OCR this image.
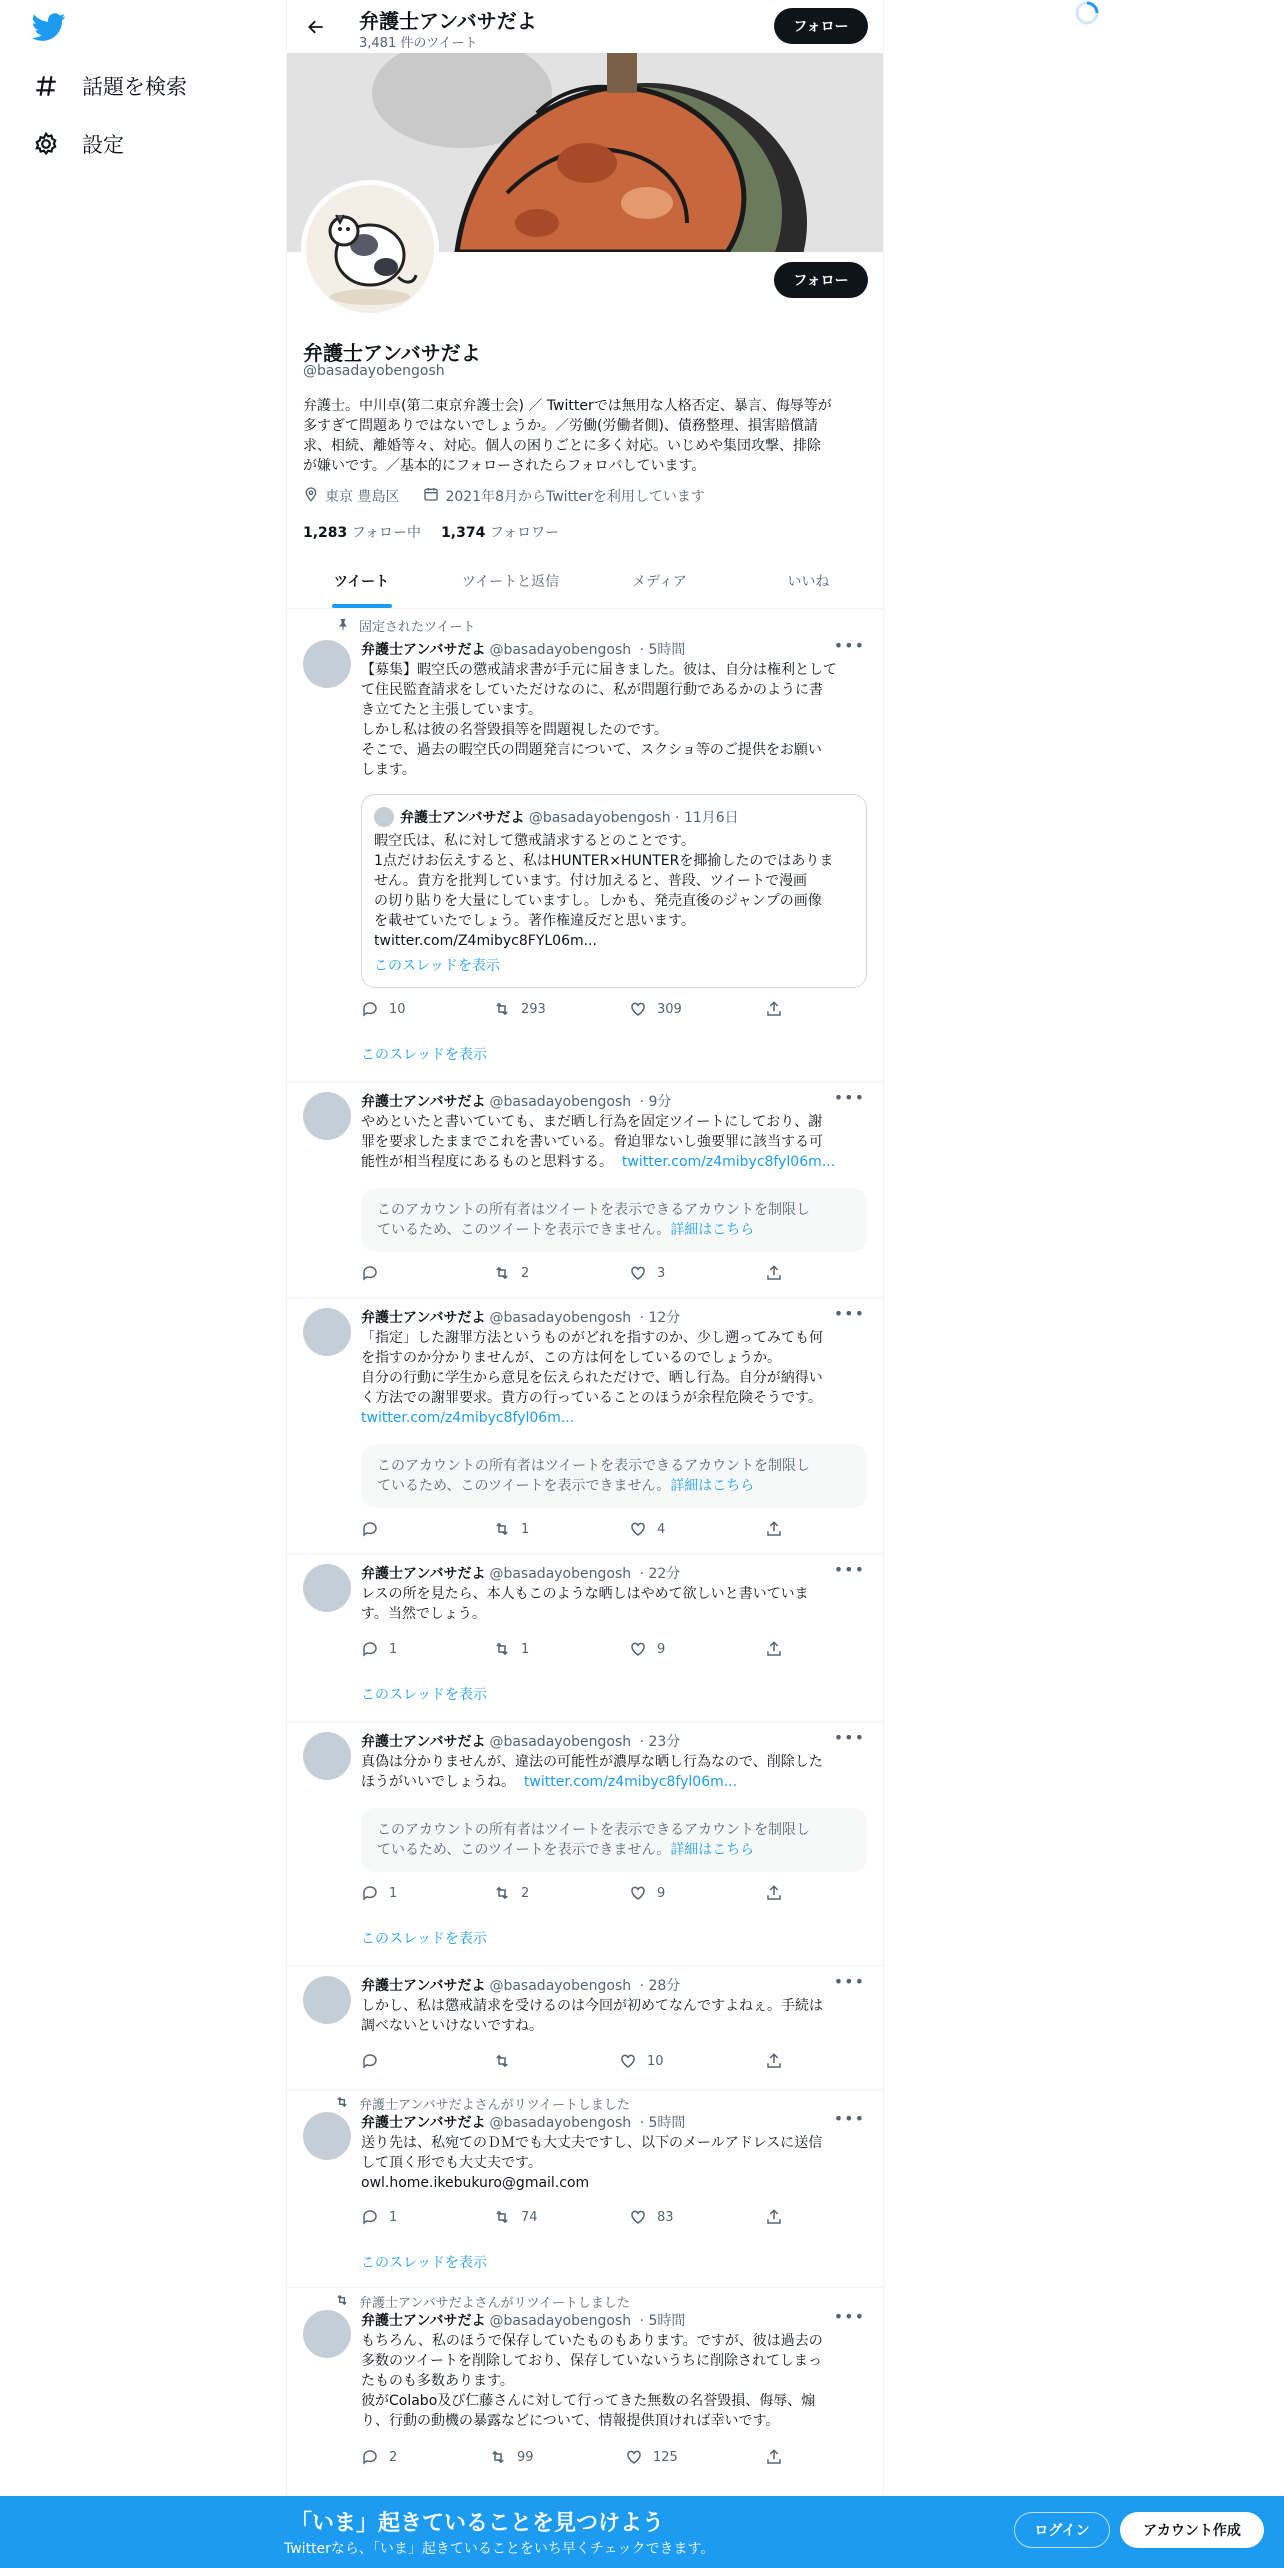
話題を検索
設定
弁護士アンバサだよ
3,481 件のツイート
フォロー
フォロー
弁護士アンバサだよ
@basadayobengosh
弁護士。中川卓(第二東京弁護士会) ／ Twitterでは無用な人格否定、暴言、侮辱等が
多すぎて問題ありではないでしょうか。／労働(労働者側)、債務整理、損害賠償請
求、相続、離婚等々、対応。個人の困りごとに多く対応。いじめや集団攻撃、排除
が嫌いです。／基本的にフォローされたらフォロバしています。
東京 豊島区	2021年8月からTwitterを利用しています
1,283 フォロー中 1,374 フォロワー
ツイート	ツイートと返信	メディア	いいね
固定されたツイート
弁護士アンバサだよ @basadayobengosh · 5時間	•••
【募集】暇空氏の懲戒請求書が手元に届きました。彼は、自分は権利として
て住民監査請求をしていただけなのに、私が問題行動であるかのように書
き立てたと主張しています。
しかし私は彼の名誉毀損等を問題視したのです。
そこで、過去の暇空氏の問題発言について、スクショ等のご提供をお願い
します。
弁護士アンバサだよ @basadayobengosh · 11月6日
暇空氏は、私に対して懲戒請求するとのことです。
1点だけお伝えすると、私はHUNTER×HUNTERを揶揄したのではありま
せん。貴方を批判しています。付け加えると、普段、ツイートで漫画
の切り貼りを大量にしていますし。しかも、発売直後のジャンプの画像
を載せていたでしょう。著作権違反だと思います。
twitter.com/Z4mibyc8FYL06m...
このスレッドを表示
10	293	309
このスレッドを表示
弁護士アンバサだよ @basadayobengosh · 9分	•••
やめといたと書いていても、まだ晒し行為を固定ツイートにしており、謝
罪を要求したままでこれを書いている。脅迫罪ないし強要罪に該当する可
能性が相当程度にあるものと思料する。 twitter.com/z4mibyc8fyl06m...
このアカウントの所有者はツイートを表示できるアカウントを制限し
ているため、このツイートを表示できません。詳細はこちら
2	3
弁護士アンバサだよ @basadayobengosh · 12分	•••
「指定」した謝罪方法というものがどれを指すのか、少し遡ってみても何
を指すのか分かりませんが、この方は何をしているのでしょうか。
自分の行動に学生から意見を伝えられただけで、晒し行為。自分が納得い
く方法での謝罪要求。貴方の行っていることのほうが余程危険そうです。
twitter.com/z4mibyc8fyl06m...
このアカウントの所有者はツイートを表示できるアカウントを制限し
ているため、このツイートを表示できません。詳細はこちら
1	4
弁護士アンバサだよ @basadayobengosh · 22分	•••
レスの所を見たら、本人もこのような晒しはやめて欲しいと書いていま
す。当然でしょう。
1	1	9
このスレッドを表示
弁護士アンバサだよ @basadayobengosh · 23分	•••
真偽は分かりませんが、違法の可能性が濃厚な晒し行為なので、削除した
ほうがいいでしょうね。 twitter.com/z4mibyc8fyl06m...
このアカウントの所有者はツイートを表示できるアカウントを制限し
ているため、このツイートを表示できません。詳細はこちら
1	2	9
このスレッドを表示
弁護士アンバサだよ @basadayobengosh · 28分	•••
しかし、私は懲戒請求を受けるのは今回が初めてなんですよねぇ。手続は
調べないといけないですね。
10
弁護士アンバサだよさんがリツイートしました
弁護士アンバサだよ @basadayobengosh · 5時間	•••
送り先は、私宛てのＤＭでも大丈夫ですし、以下のメールアドレスに送信
して頂く形でも大丈夫です。
owl.home.ikebukuro@gmail.com
1	74	83
このスレッドを表示
弁護士アンバサだよさんがリツイートしました
弁護士アンバサだよ @basadayobengosh · 5時間	•••
もちろん、私のほうで保存していたものもあります。ですが、彼は過去の
多数のツイートを削除しており、保存していないうちに削除されてしまっ
たものも多数あります。
彼がColabo及び仁藤さんに対して行ってきた無数の名誉毀損、侮辱、煽
り、行動の動機の暴露などについて、情報提供頂ければ幸いです。
2	99	125
「いま」起きていることを見つけよう
Twitterなら、「いま」起きていることをいち早くチェックできます。
ログイン	アカウント作成
